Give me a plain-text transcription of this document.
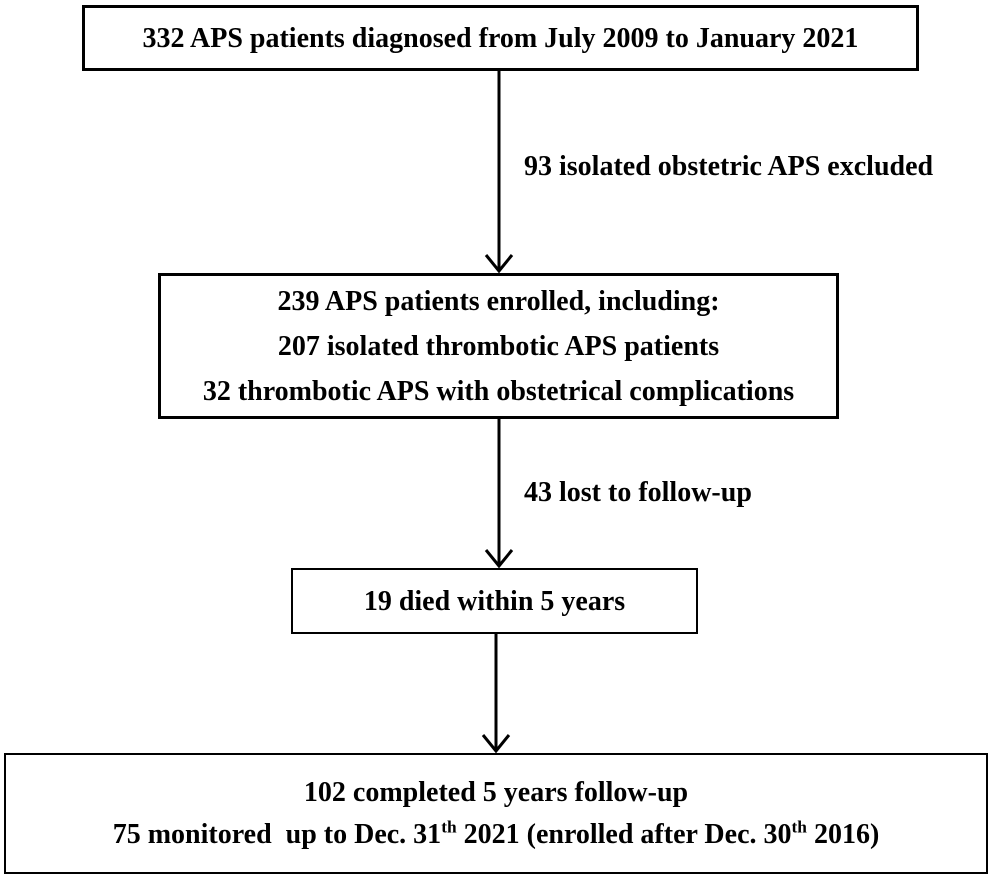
332 APS patients diagnosed from July 2009 to January 2021
93 isolated obstetric APS excluded
239 APS patients enrolled, including:
207 isolated thrombotic APS patients
32 thrombotic APS with obstetrical complications
43 lost to follow-up
19 died within 5 years
102 completed 5 years follow-up
75 monitored  up to Dec. 31th 2021 (enrolled after Dec. 30th 2016)
